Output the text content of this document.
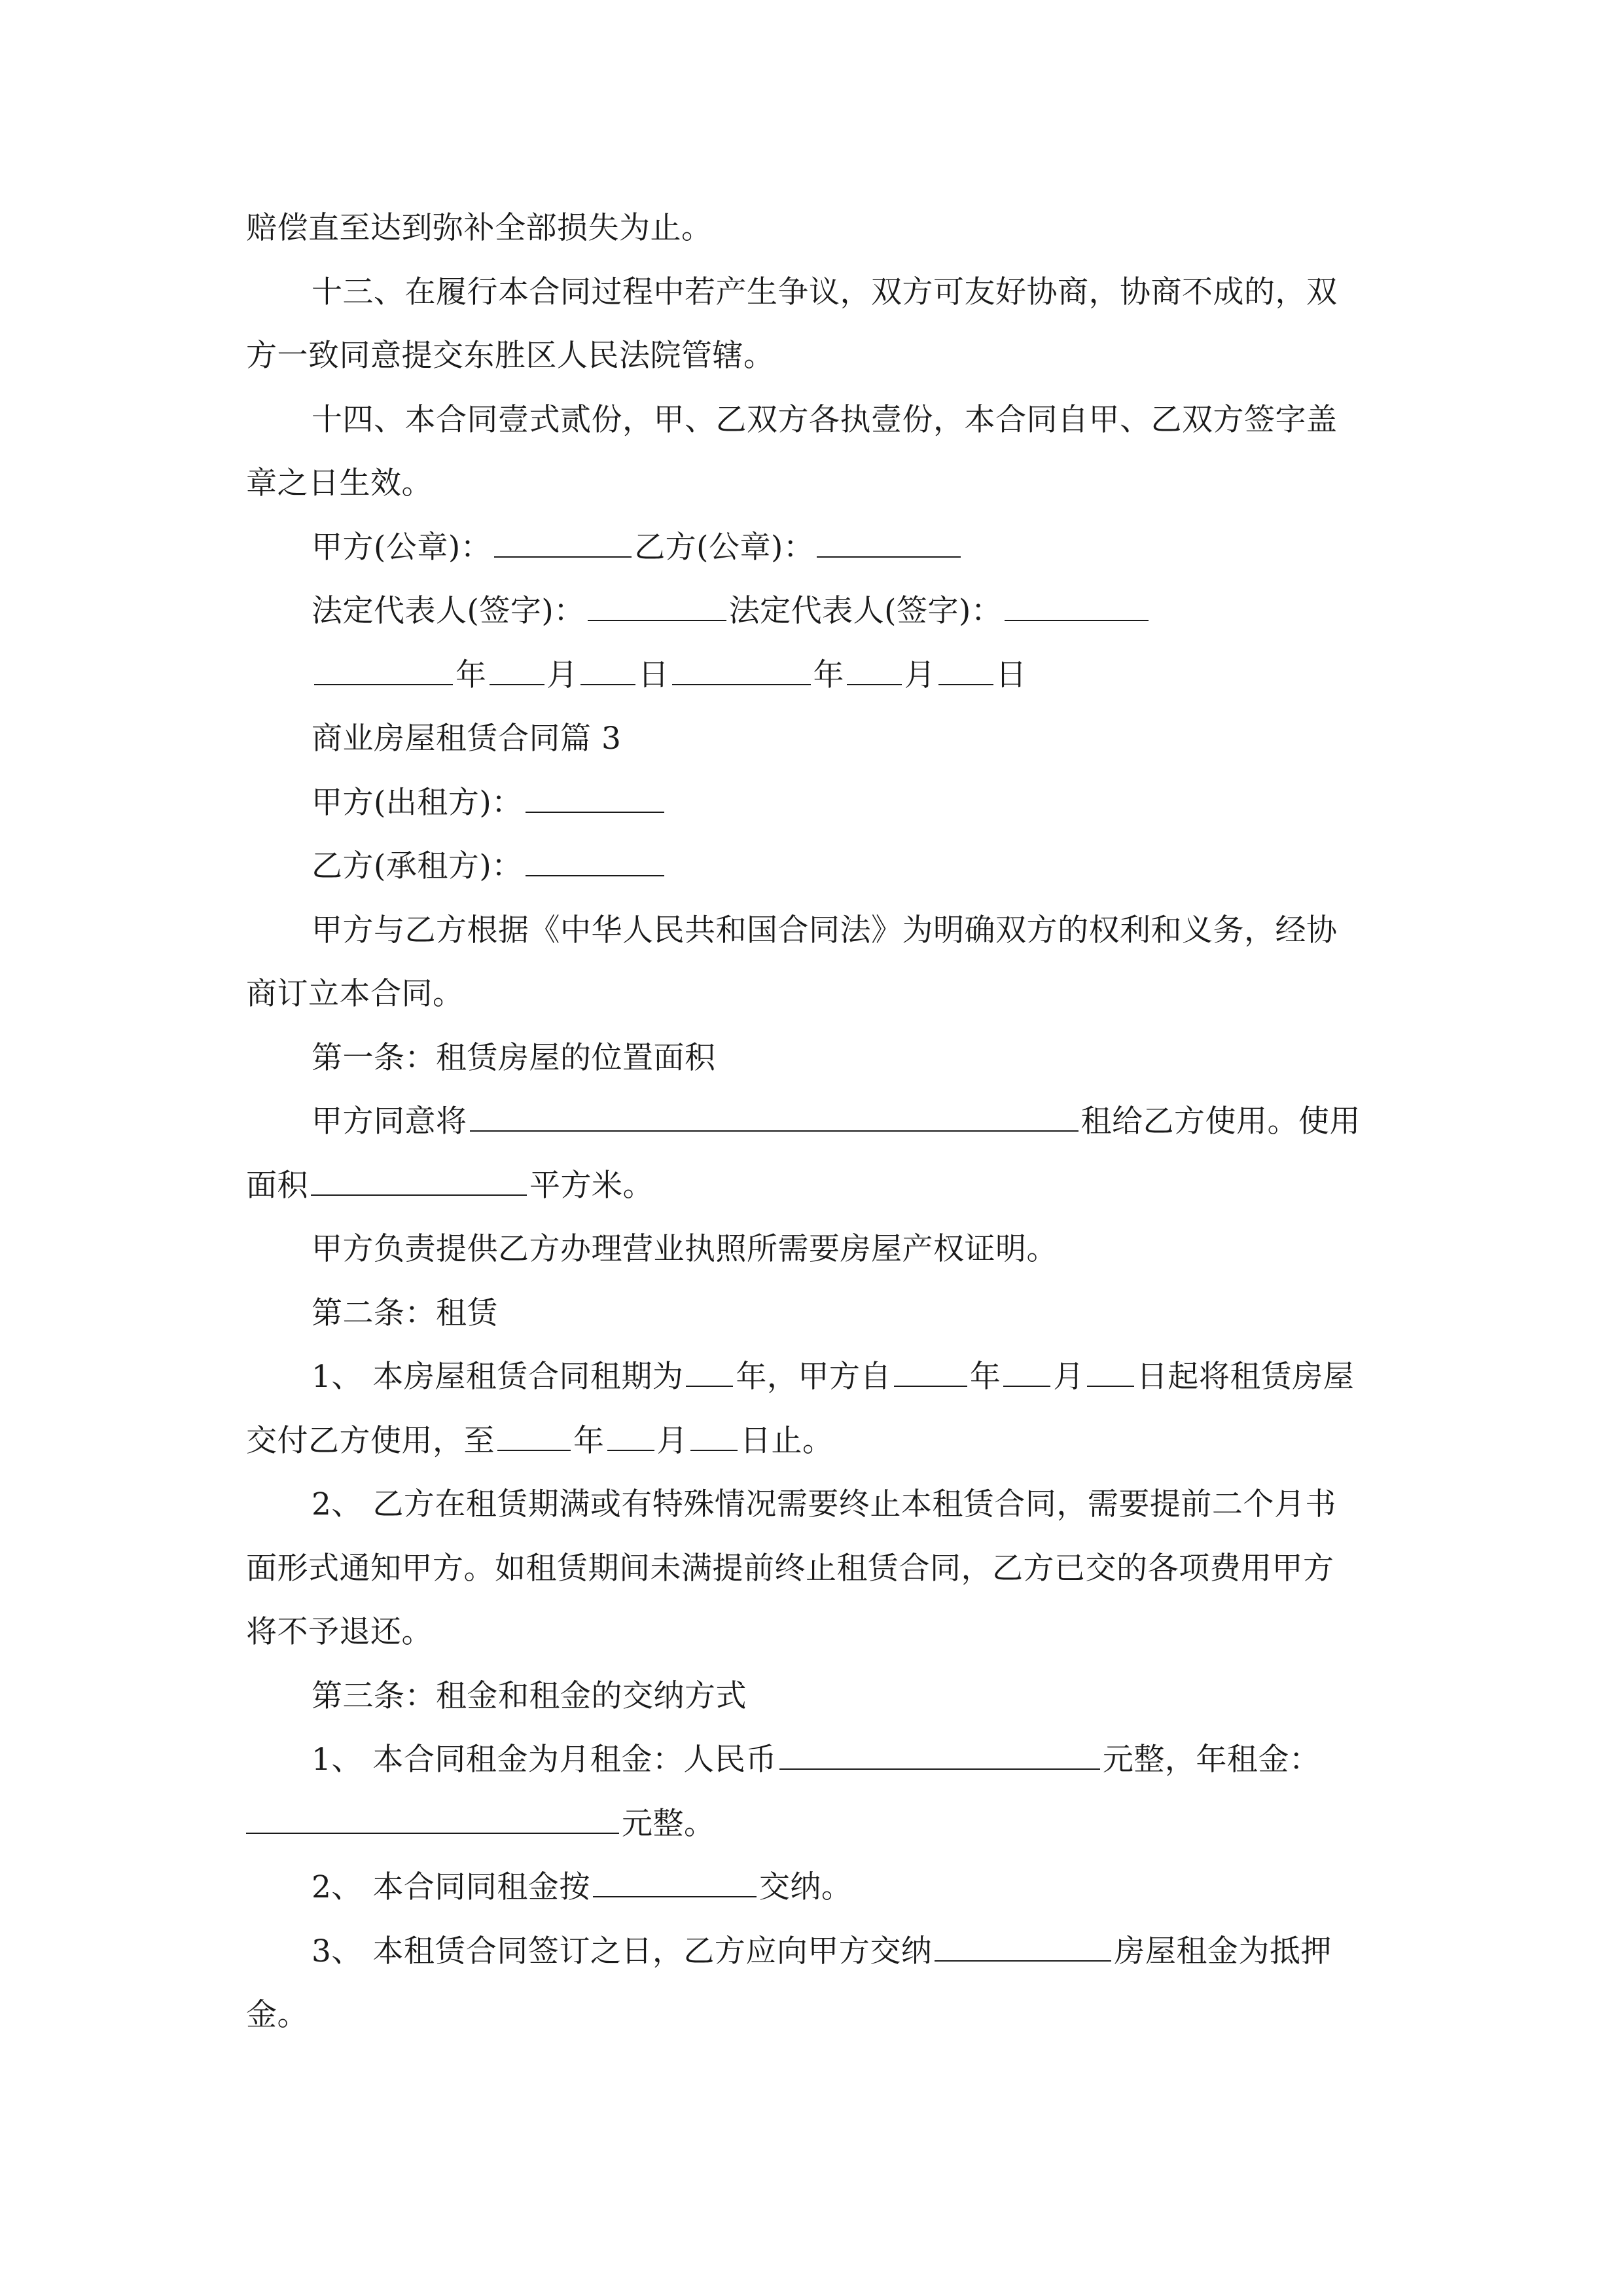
赔偿直至达到弥补全部损失为止。
十三、在履行本合同过程中若产生争议，双方可友好协商，协商不成的，双
方一致同意提交东胜区人民法院管辖。
十四、本合同壹式贰份，甲、乙双方各执壹份，本合同自甲、乙双方签字盖
章之日生效。
甲方(公章)：	乙方(公章)：
法定代表人(签字)：	法定代表人(签字)：
年 月 日	年 月 日
商业房屋租赁合同篇 3
甲方(出租方)：
乙方(承租方)：
甲方与乙方根据《中华人民共和国合同法》为明确双方的权利和义务，经协
商订立本合同。
第一条：租赁房屋的位置面积
甲方同意将	租给乙方使用。使用
面积	平方米。
甲方负责提供乙方办理营业执照所需要房屋产权证明。
第二条：租赁
1、 本房屋租赁合同租期为 年，甲方自	年 月 日起将租赁房屋
交付乙方使用，至	年 月 日止。
2、 乙方在租赁期满或有特殊情况需要终止本租赁合同，需要提前二个月书
面形式通知甲方。如租赁期间未满提前终止租赁合同，乙方已交的各项费用甲方
将不予退还。
第三条：租金和租金的交纳方式
1、 本合同租金为月租金：人民币	元整，年租金：
元整。
2、 本合同同租金按	交纳。
3、 本租赁合同签订之日，乙方应向甲方交纳	房屋租金为抵押
金。
